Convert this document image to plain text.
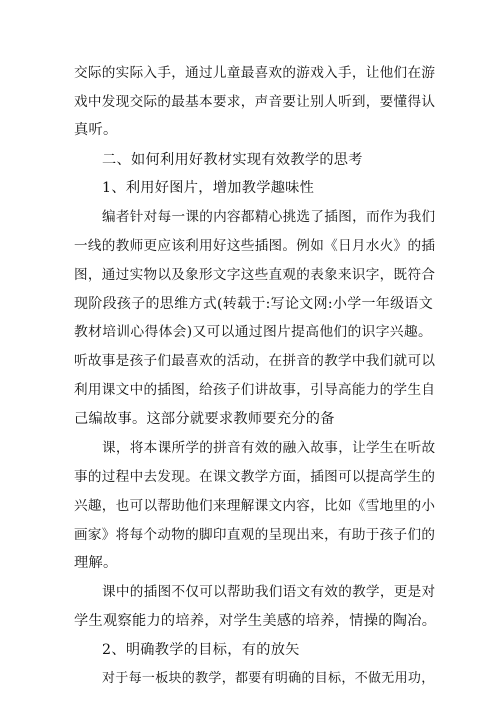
交际的实际入手，通过儿童最喜欢的游戏入手，让他们在游
戏中发现交际的最基本要求，声音要让别人听到，要懂得认
真听。
二、如何利用好教材实现有效教学的思考
1、利用好图片，增加教学趣味性
编者针对每一课的内容都精心挑选了插图，而作为我们
一线的教师更应该利用好这些插图。例如《日月水火》的插
图，通过实物以及象形文字这些直观的表象来识字，既符合
现阶段孩子的思维方式(转载于:写论文网:小学一年级语文
教材培训心得体会)又可以通过图片提高他们的识字兴趣。
听故事是孩子们最喜欢的活动，在拼音的教学中我们就可以
利用课文中的插图，给孩子们讲故事，引导高能力的学生自
己编故事。这部分就要求教师要充分的备
课，将本课所学的拼音有效的融入故事，让学生在听故
事的过程中去发现。在课文教学方面，插图可以提高学生的
兴趣，也可以帮助他们来理解课文内容，比如《雪地里的小
画家》将每个动物的脚印直观的呈现出来，有助于孩子们的
理解。
课中的插图不仅可以帮助我们语文有效的教学，更是对
学生观察能力的培养，对学生美感的培养，情操的陶冶。
2、明确教学的目标，有的放矢
对于每一板块的教学，都要有明确的目标，不做无用功，
